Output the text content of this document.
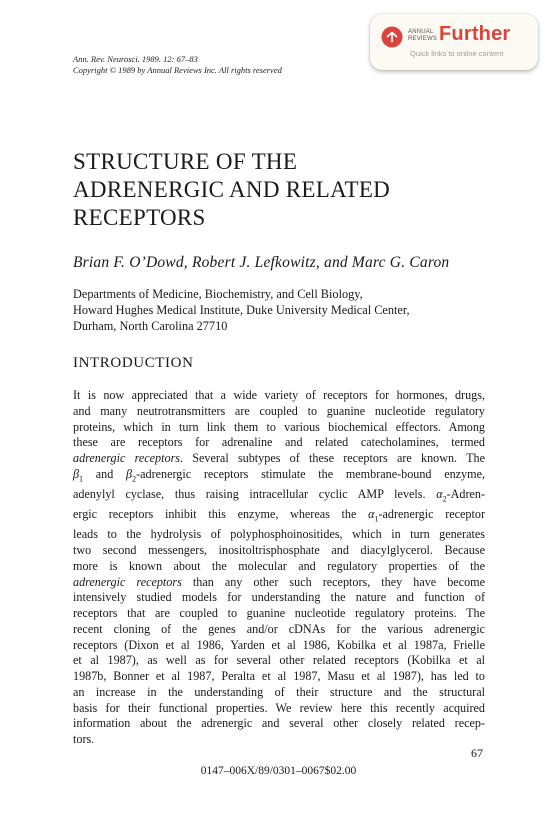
Ann. Rev. Neurosci. 1989. 12: 67–83
Copyright © 1989 by Annual Reviews Inc. All rights reserved
ANNUAL
REVIEWS Further
Quick links to online content
STRUCTURE OF THE
ADRENERGIC AND RELATED
RECEPTORS
Brian F. O’Dowd, Robert J. Lefkowitz, and Marc G. Caron
Departments of Medicine, Biochemistry, and Cell Biology,
Howard Hughes Medical Institute, Duke University Medical Center,
Durham, North Carolina 27710
INTRODUCTION
It is now appreciated that a wide variety of receptors for hormones, drugs,
and many neutrotransmitters are coupled to guanine nucleotide regulatory
proteins, which in turn link them to various biochemical effectors. Among
these are receptors for adrenaline and related catecholamines, termed
adrenergic receptors. Several subtypes of these receptors are known. The
$\beta_1$ and $\beta_2$-adrenergic receptors stimulate the membrane-bound enzyme,
adenylyl cyclase, thus raising intracellular cyclic AMP levels. $\alpha_2-Adren-$
ergic receptors inhibit this enzyme, whereas the $\alpha_1$-adrenergic receptor
leads to the hydrolysis of polyphosphoinositides, which in turn generates
two second messengers, inositoltrisphosphate and diacylglycerol. Because
more is known about the molecular and regulatory properties of the
adrenergic receptors than any other such receptors, they have become
intensively studied models for understanding the nature and function of
receptors that are coupled to guanine nucleotide regulatory proteins. The
recent cloning of the genes and/or cDNAs for the various adrenergic
receptors (Dixon et al 1986, Yarden et al 1986, Kobilka et al 1987a, Frielle
et al 1987), as well as for several other related receptors (Kobilka et al
1987b, Bonner et al 1987, Peralta et al 1987, Masu et al 1987), has led to
an increase in the understanding of their structure and the structural
basis for their functional properties. We review here this recently acquired
information about the adrenergic and several other closely related recep-
tors.
67
0147–006X/89/0301–0067$02.00
